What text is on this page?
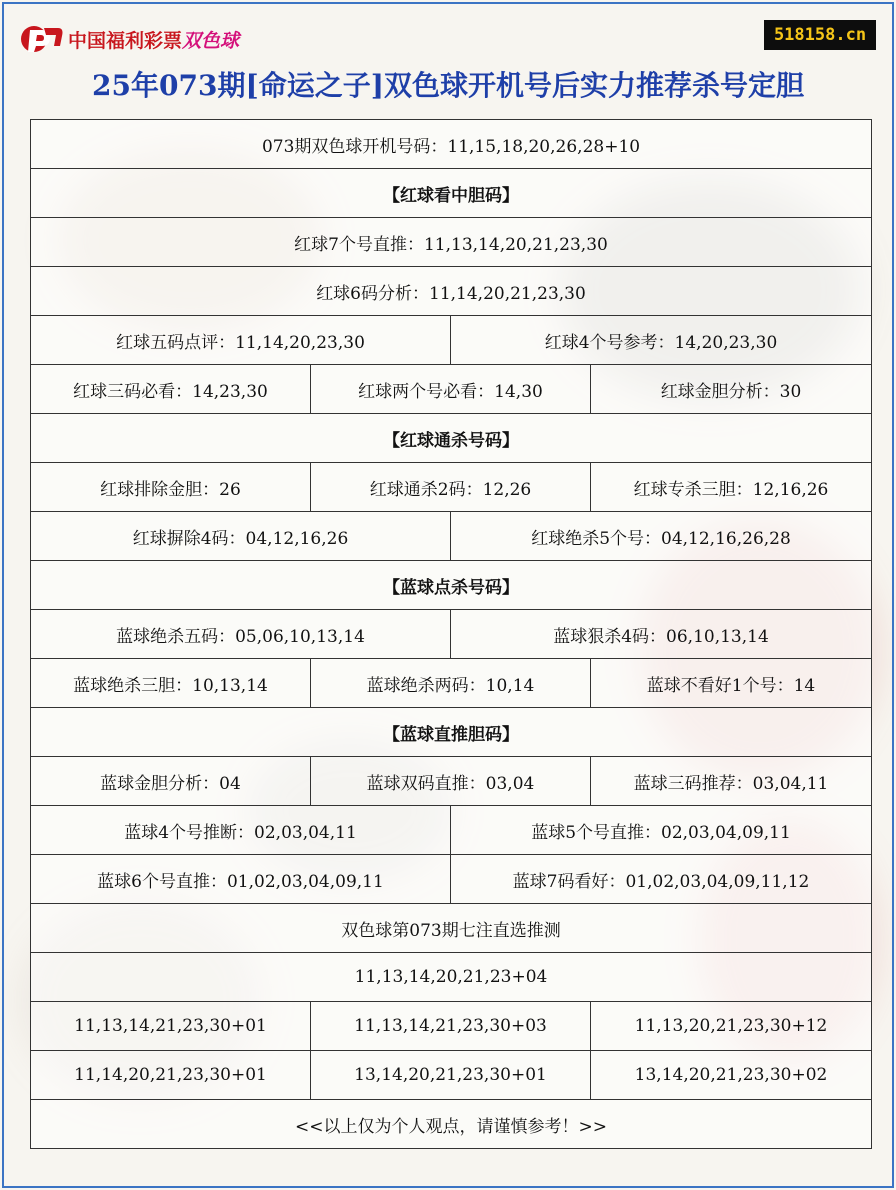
中国福利彩票双色球	518158.cn
25年073期[命运之子]双色球开机号后实力推荐杀号定胆
073期双色球开机号码：11,15,18,20,26,28+10			
【红球看中胆码】			
红球7个号直推：11,13,14,20,21,23,30			
红球6码分析：11,14,20,21,23,30			
红球五码点评：11,14,20,23,30		红球4个号参考：14,20,23,30	
红球三码必看：14,23,30	红球两个号必看：14,30		红球金胆分析：30
【红球通杀号码】			
红球排除金胆：26	红球通杀2码：12,26		红球专杀三胆：12,16,26
红球摒除4码：04,12,16,26		红球绝杀5个号：04,12,16,26,28	
【蓝球点杀号码】			
蓝球绝杀五码：05,06,10,13,14		蓝球狠杀4码：06,10,13,14	
蓝球绝杀三胆：10,13,14	蓝球绝杀两码：10,14		蓝球不看好1个号：14
【蓝球直推胆码】			
蓝球金胆分析：04	蓝球双码直推：03,04		蓝球三码推荐：03,04,11
蓝球4个号推断：02,03,04,11		蓝球5个号直推：02,03,04,09,11	
蓝球6个号直推：01,02,03,04,09,11		蓝球7码看好：01,02,03,04,09,11,12	
双色球第073期七注直选推测			
11,13,14,20,21,23+04			
11,13,14,21,23,30+01	11,13,14,21,23,30+03		11,13,20,21,23,30+12
11,14,20,21,23,30+01	13,14,20,21,23,30+01		13,14,20,21,23,30+02
<<以上仅为个人观点，请谨慎参考！>>			
